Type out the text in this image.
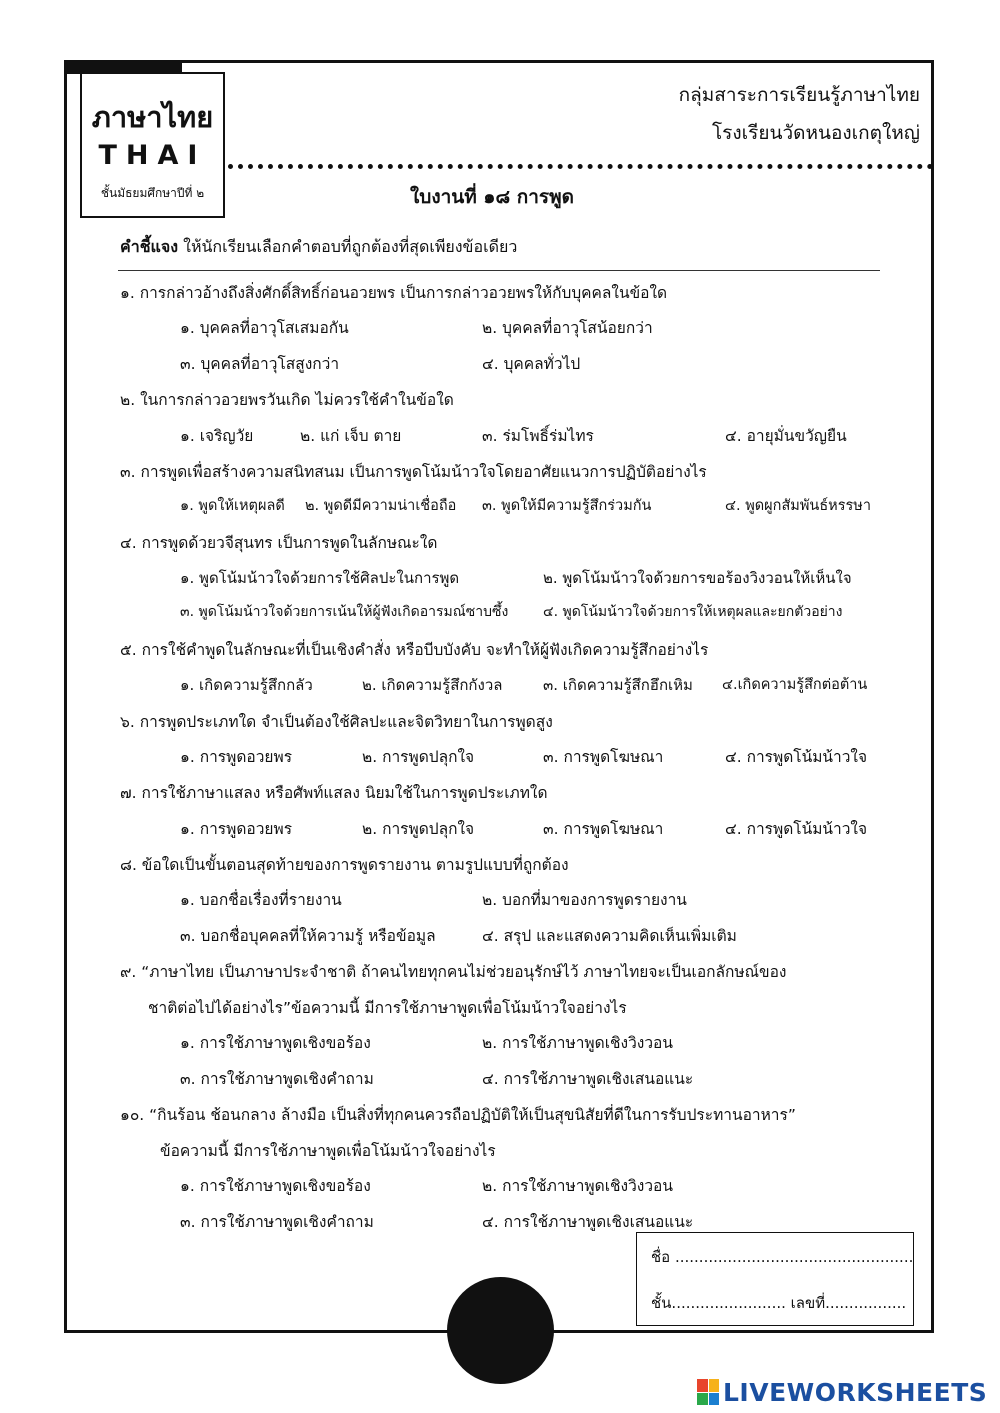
ภาษาไทย
THAI
ชั้นมัธยมศึกษาปีที่ ๒
กลุ่มสาระการเรียนรู้ภาษาไทย
โรงเรียนวัดหนองเกตุใหญ่
ใบงานที่ ๑๘ การพูด
คำชี้แจง ให้นักเรียนเลือกคำตอบที่ถูกต้องที่สุดเพียงข้อเดียว
๑. การกล่าวอ้างถึงสิ่งศักดิ์สิทธิ์ก่อนอวยพร เป็นการกล่าวอวยพรให้กับบุคคลในข้อใด
๑. บุคคลที่อาวุโสเสมอกัน	๒. บุคคลที่อาวุโสน้อยกว่า
๓. บุคคลที่อาวุโสสูงกว่า	๔. บุคคลทั่วไป
๒. ในการกล่าวอวยพรวันเกิด ไม่ควรใช้คำในข้อใด
๑. เจริญวัย	๒. แก่ เจ็บ ตาย	๓. ร่มโพธิ์ร่มไทร	๔. อายุมั่นขวัญยืน
๓. การพูดเพื่อสร้างความสนิทสนม เป็นการพูดโน้มน้าวใจโดยอาศัยแนวการปฏิบัติอย่างไร
๑. พูดให้เหตุผลดี ๒. พูดดีมีความน่าเชื่อถือ ๓. พูดให้มีความรู้สึกร่วมกัน	๔. พูดผูกสัมพันธ์หรรษา
๔. การพูดด้วยวจีสุนทร เป็นการพูดในลักษณะใด
๑. พูดโน้มน้าวใจด้วยการใช้ศิลปะในการพูด	๒. พูดโน้มน้าวใจด้วยการขอร้องวิงวอนให้เห็นใจ
๓. พูดโน้มน้าวใจด้วยการเน้นให้ผู้ฟังเกิดอารมณ์ซาบซึ้ง ๔. พูดโน้มน้าวใจด้วยการให้เหตุผลและยกตัวอย่าง
๕. การใช้คำพูดในลักษณะที่เป็นเชิงคำสั่ง หรือบีบบังคับ จะทำให้ผู้ฟังเกิดความรู้สึกอย่างไร
๑. เกิดความรู้สึกกลัว	๒. เกิดความรู้สึกกังวล	๓. เกิดความรู้สึกฮึกเหิม ๔.เกิดความรู้สึกต่อต้าน
๖. การพูดประเภทใด จำเป็นต้องใช้ศิลปะและจิตวิทยาในการพูดสูง
๑. การพูดอวยพร	๒. การพูดปลุกใจ	๓. การพูดโฆษณา	๔. การพูดโน้มน้าวใจ
๗. การใช้ภาษาแสลง หรือศัพท์แสลง นิยมใช้ในการพูดประเภทใด
๑. การพูดอวยพร	๒. การพูดปลุกใจ	๓. การพูดโฆษณา	๔. การพูดโน้มน้าวใจ
๘. ข้อใดเป็นขั้นตอนสุดท้ายของการพูดรายงาน ตามรูปแบบที่ถูกต้อง
๑. บอกชื่อเรื่องที่รายงาน	๒. บอกที่มาของการพูดรายงาน
๓. บอกชื่อบุคคลที่ให้ความรู้ หรือข้อมูล	๔. สรุป และแสดงความคิดเห็นเพิ่มเติม
๙. “ภาษาไทย เป็นภาษาประจำชาติ ถ้าคนไทยทุกคนไม่ช่วยอนุรักษ์ไว้ ภาษาไทยจะเป็นเอกลักษณ์ของ
ชาติต่อไปได้อย่างไร”ข้อความนี้ มีการใช้ภาษาพูดเพื่อโน้มน้าวใจอย่างไร
๑. การใช้ภาษาพูดเชิงขอร้อง	๒. การใช้ภาษาพูดเชิงวิงวอน
๓. การใช้ภาษาพูดเชิงคำถาม	๔. การใช้ภาษาพูดเชิงเสนอแนะ
๑๐. “กินร้อน ช้อนกลาง ล้างมือ เป็นสิ่งที่ทุกคนควรถือปฏิบัติให้เป็นสุขนิสัยที่ดีในการรับประทานอาหาร”
ข้อความนี้ มีการใช้ภาษาพูดเพื่อโน้มน้าวใจอย่างไร
๑. การใช้ภาษาพูดเชิงขอร้อง	๒. การใช้ภาษาพูดเชิงวิงวอน
๓. การใช้ภาษาพูดเชิงคำถาม	๔. การใช้ภาษาพูดเชิงเสนอแนะ
ชื่อ ..................................................
ชั้น........................ เลขที่.................
LIVEWORKSHEETS
